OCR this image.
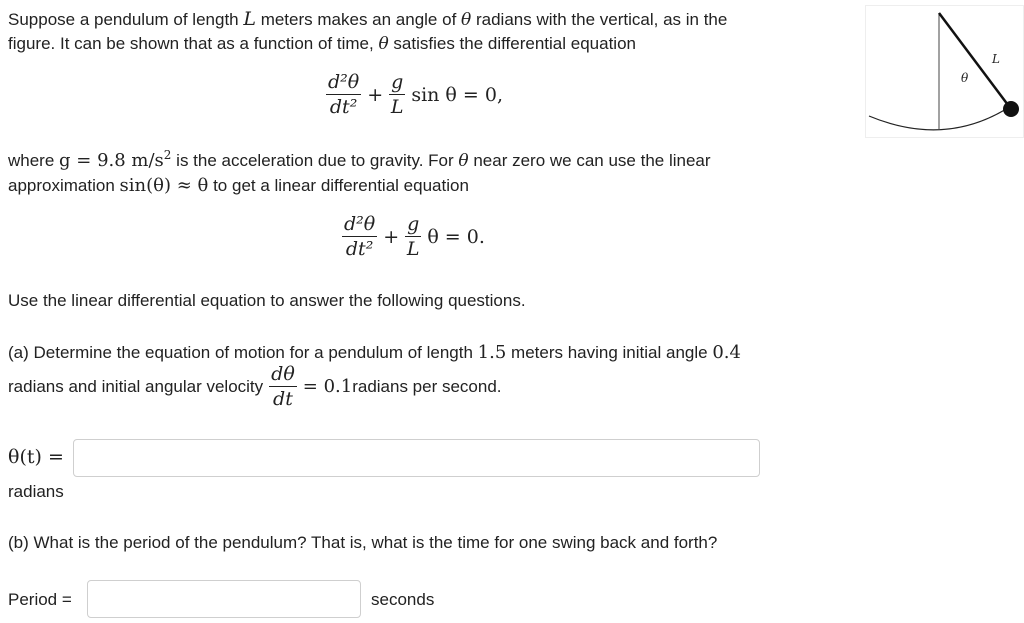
Suppose a pendulum of length L meters makes an angle of θ radians with the vertical, as in the
figure. It can be shown that as a function of time, θ satisfies the differential equation
$\frac{\text{d²θ}}{\text{dt²}} + \frac{g}{L}$ sin θ = 0,
where g = 9.8 $m/s^2$ is the acceleration due to gravity. For θ near zero we can use the linear
approximation sin(θ) ≈ θ to get a linear differential equation
$\frac{\text{d²θ}}{\text{dt²}} + \frac{g}{L}$ θ = 0.
Use the linear differential equation to answer the following questions.
(a) Determine the equation of motion for a pendulum of length 1.5 meters having initial angle 0.4
radians and initial angular velocity $\frac{d\theta}{dt} = 0.1$ radians per second.
θ(t) =
radians
(b) What is the period of the pendulum? That is, what is the time for one swing back and forth?
Period =	seconds
θ
L
